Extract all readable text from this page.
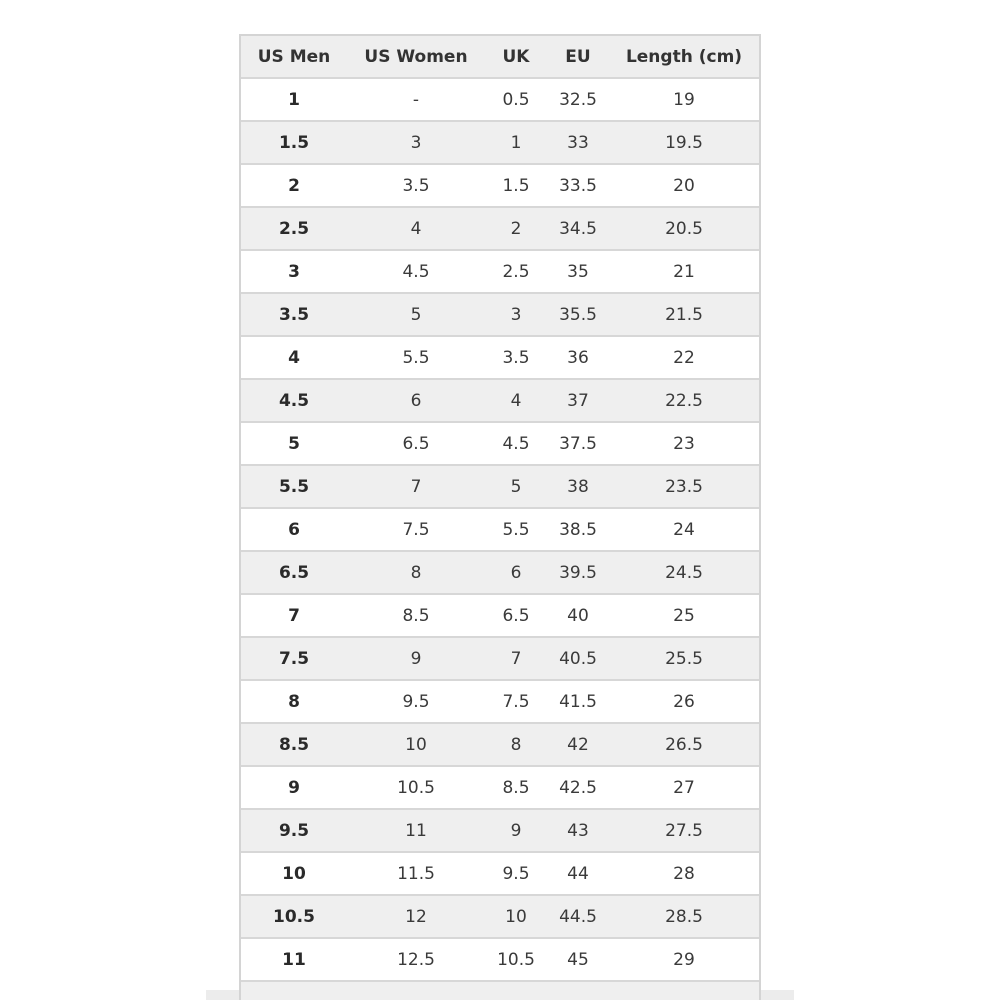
US Men	US Women	UK	EU	Length (cm)
1	-	0.5	32.5	19
1.5	3	1	33	19.5
2	3.5	1.5	33.5	20
2.5	4	2	34.5	20.5
3	4.5	2.5	35	21
3.5	5	3	35.5	21.5
4	5.5	3.5	36	22
4.5	6	4	37	22.5
5	6.5	4.5	37.5	23
5.5	7	5	38	23.5
6	7.5	5.5	38.5	24
6.5	8	6	39.5	24.5
7	8.5	6.5	40	25
7.5	9	7	40.5	25.5
8	9.5	7.5	41.5	26
8.5	10	8	42	26.5
9	10.5	8.5	42.5	27
9.5	11	9	43	27.5
10	11.5	9.5	44	28
10.5	12	10	44.5	28.5
11	12.5	10.5	45	29
